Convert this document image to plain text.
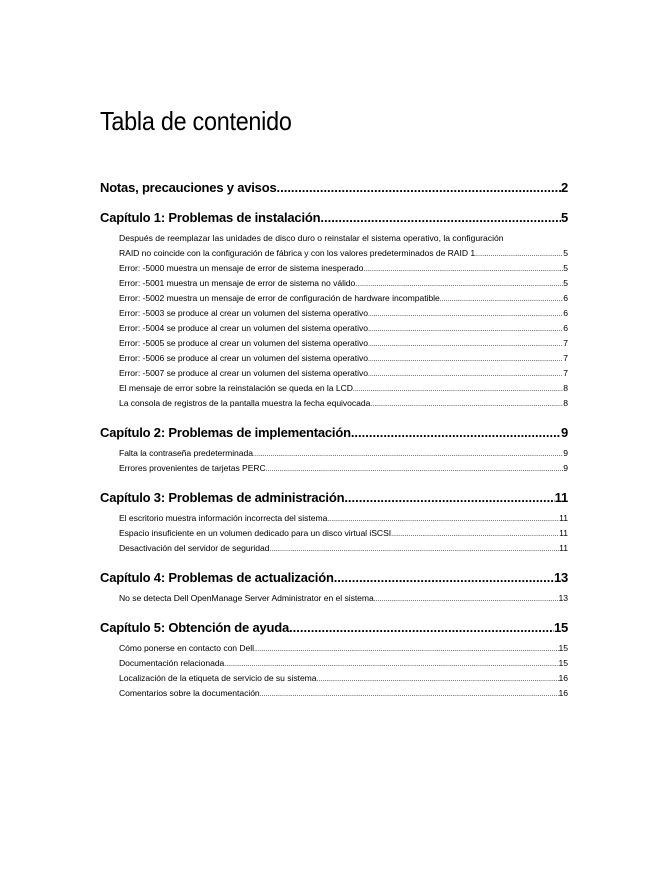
Tabla de contenido
Notas, precauciones y avisos .....	2
Capítulo 1: Problemas de instalación .....	5
Después de reemplazar las unidades de disco duro o reinstalar el sistema operativo, la configuración
RAID no coincide con la configuración de fábrica y con los valores predeterminados de RAID 1 .....	5
Error: -5000 muestra un mensaje de error de sistema inesperado .....	5
Error: -5001 muestra un mensaje de error de sistema no válido .....	5
Error: -5002 muestra un mensaje de error de configuración de hardware incompatible .....	6
Error: -5003 se produce al crear un volumen del sistema operativo .....	6
Error: -5004 se produce al crear un volumen del sistema operativo .....	6
Error: -5005 se produce al crear un volumen del sistema operativo .....	7
Error: -5006 se produce al crear un volumen del sistema operativo .....	7
Error: -5007 se produce al crear un volumen del sistema operativo .....	7
El mensaje de error sobre la reinstalación se queda en la LCD .....	8
La consola de registros de la pantalla muestra la fecha equivocada .....	8
Capítulo 2: Problemas de implementación .....	9
Falta la contraseña predeterminada .....	9
Errores provenientes de tarjetas PERC .....	9
Capítulo 3: Problemas de administración .....	11
El escritorio muestra información incorrecta del sistema .....	11
Espacio insuficiente en un volumen dedicado para un disco virtual iSCSI .....	11
Desactivación del servidor de seguridad .....	11
Capítulo 4: Problemas de actualización .....	13
No se detecta Dell OpenManage Server Administrator en el sistema .....	13
Capítulo 5: Obtención de ayuda .....	15
Cómo ponerse en contacto con Dell .....	15
Documentación relacionada .....	15
Localización de la etiqueta de servicio de su sistema .....	16
Comentarios sobre la documentación .....	16
